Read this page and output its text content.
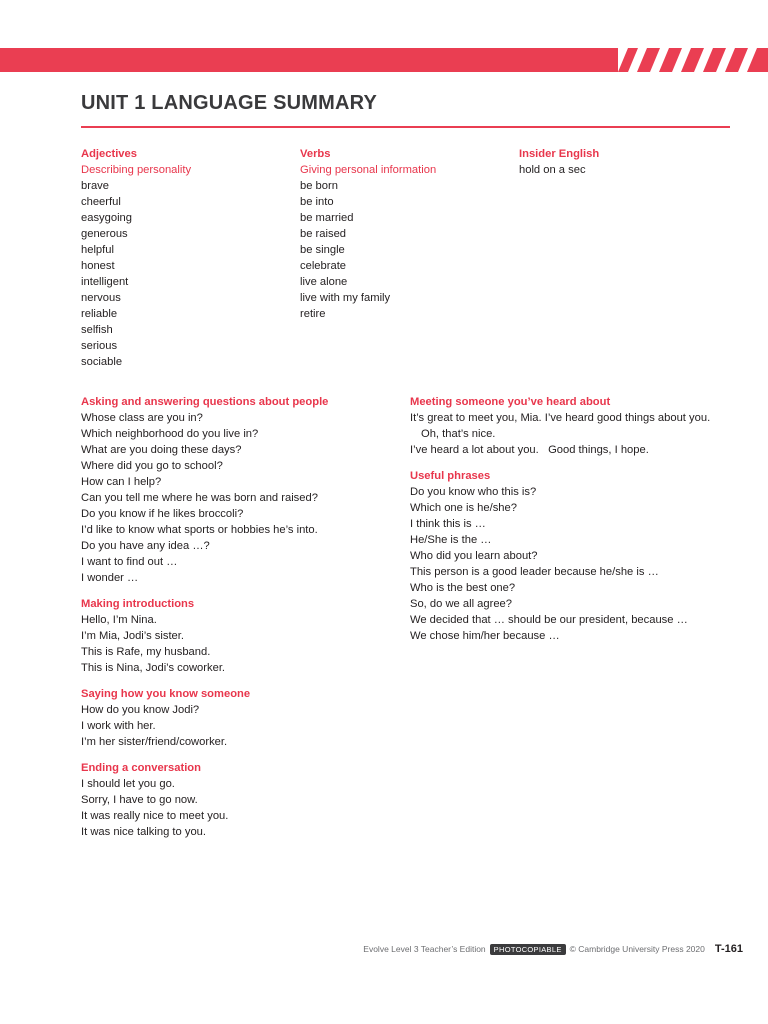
UNIT 1 LANGUAGE SUMMARY
Adjectives
Describing personality
brave
cheerful
easygoing
generous
helpful
honest
intelligent
nervous
reliable
selfish
serious
sociable
Verbs
Giving personal information
be born
be into
be married
be raised
be single
celebrate
live alone
live with my family
retire
Insider English
hold on a sec
Asking and answering questions about people
Whose class are you in?
Which neighborhood do you live in?
What are you doing these days?
Where did you go to school?
How can I help?
Can you tell me where he was born and raised?
Do you know if he likes broccoli?
I’d like to know what sports or hobbies he’s into.
Do you have any idea …?
I want to find out …
I wonder …
Making introductions
Hello, I’m Nina.
I’m Mia, Jodi’s sister.
This is Rafe, my husband.
This is Nina, Jodi’s coworker.
Saying how you know someone
How do you know Jodi?
I work with her.
I’m her sister/friend/coworker.
Ending a conversation
I should let you go.
Sorry, I have to go now.
It was really nice to meet you.
It was nice talking to you.
Meeting someone you’ve heard about
It’s great to meet you, Mia. I’ve heard good things about you.
Oh, that’s nice.
I’ve heard a lot about you.   Good things, I hope.
Useful phrases
Do you know who this is?
Which one is he/she?
I think this is …
He/She is the …
Who did you learn about?
This person is a good leader because he/she is …
Who is the best one?
So, do we all agree?
We decided that … should be our president, because …
We chose him/her because …
Evolve Level 3 Teacher’s Edition	PHOTOCOPIABLE © Cambridge University Press 2020 T-161
